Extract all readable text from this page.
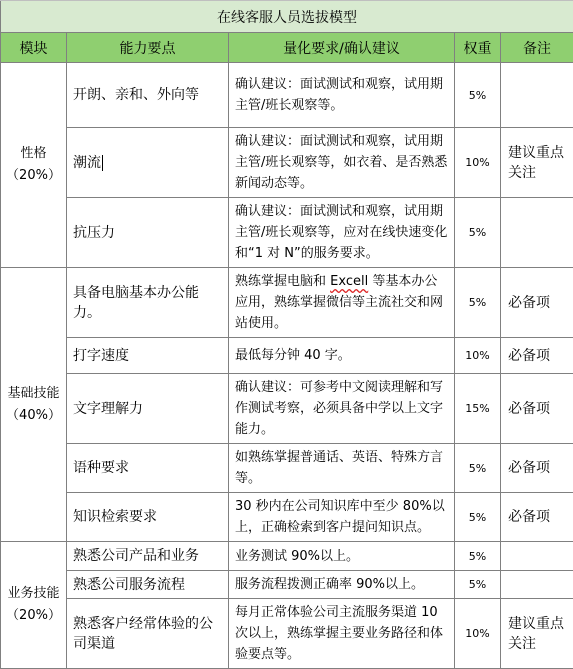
在线客服人员选拔模型				
模块	能力要点	量化要求/确认建议	权重	备注

性格
（20%）	开朗、亲和、外向等	确认建议：面试测试和观察，试用期主管/班长观察等。	5%	
	潮流	确认建议：面试测试和观察，试用期主管/班长观察等，如衣着、是否熟悉新闻动态等。	10%	建议重点关注
	抗压力	确认建议：面试测试和观察，试用期主管/班长观察等，应对在线快速变化和“1 对 N”的服务要求。	5%	
基础技能（40%）	具备电脑基本办公能力。	熟练掌握电脑和 Excell 等基本办公应用，熟练掌握微信等主流社交和网站使用。	5%	必备项
	打字速度	最低每分钟 40 字。	10%	必备项
	文字理解力	确认建议：可参考中文阅读理解和写作测试考察，必须具备中学以上文字能力。	15%	必备项
	语种要求	如熟练掌握普通话、英语、特殊方言等。	5%	必备项
	知识检索要求	30 秒内在公司知识库中至少 80%以上，正确检索到客户提问知识点。	5%	必备项
业务技能（20%）	熟悉公司产品和业务	业务测试 90%以上。	5%	
	熟悉公司服务流程	服务流程拨测正确率 90%以上。	5%	
	熟悉客户经常体验的公司渠道	每月正常体验公司主流服务渠道 10 次以上，熟练掌握主要业务路径和体验要点等。	10%	建议重点关注
